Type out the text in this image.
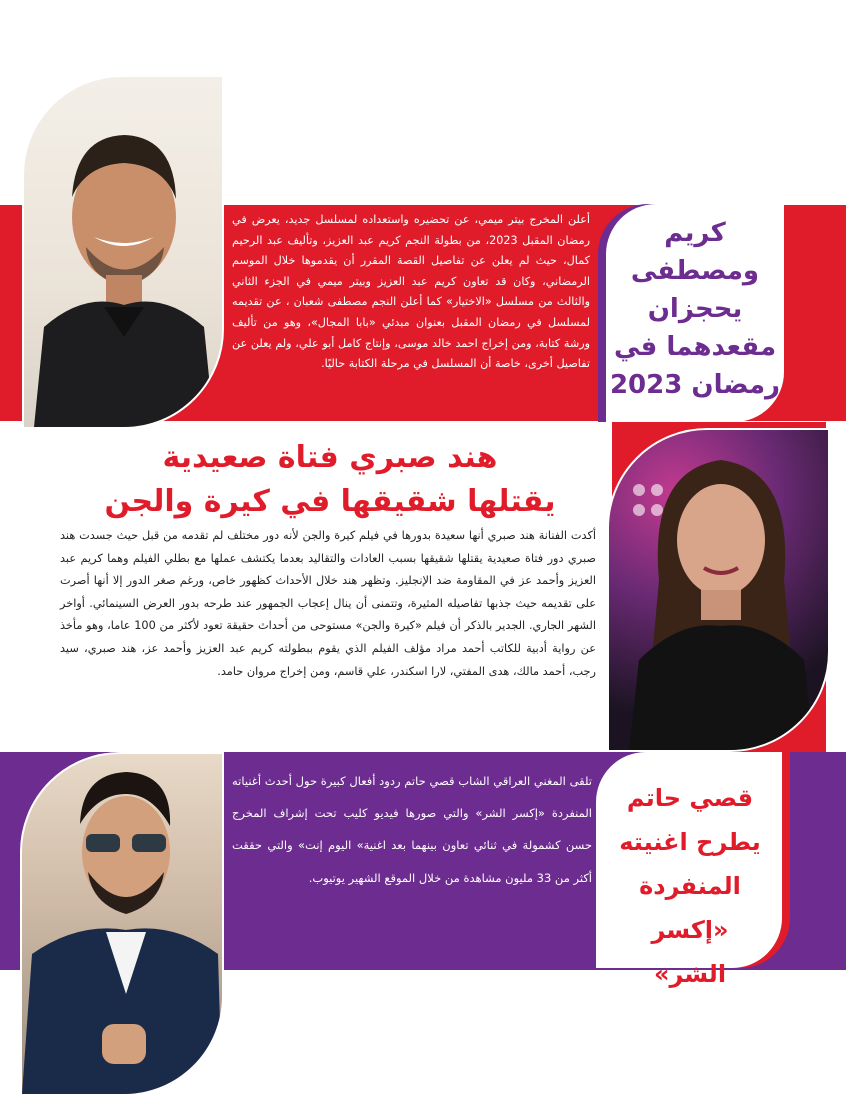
أعلن المخرج بيتر ميمي، عن تحضيره واستعداده لمسلسل جديد، يعرض في رمضان المقبل 2023، من بطولة النجم كريم عبد العزيز، وتأليف عبد الرحيم كمال، حيث لم يعلن عن تفاصيل القصة المقرر أن يقدموها خلال الموسم الرمضاني، وكان قد تعاون كريم عبد العزيز وبيتر ميمي في الجزء الثاني والثالث من مسلسل «الاختيار» كما أعلن النجم مصطفى شعبان ، عن تقديمه لمسلسل في رمضان المقبل بعنوان مبدئي «بابا المجال»، وهو من تأليف ورشة كتابة، ومن إخراج احمد خالد موسى، وإنتاج كامل أبو علي، ولم يعلن عن تفاصيل أخرى، خاصة أن المسلسل في مرحلة الكتابة حاليًا.
كريم
ومصطفى
يحجزان
مقعدهما في
رمضان 2023
هند صبري فتاة صعيدية
يقتلها شقيقها في كيرة والجن
أكدت الفنانة هند صبري أنها سعيدة بدورها في فيلم كيرة والجن لأنه دور مختلف لم تقدمه من قبل حيث جسدت هند صبري دور فتاة صعيدية يقتلها شقيقها بسبب العادات والتقاليد بعدما يكتشف عملها مع بطلي الفيلم وهما كريم عبد العزيز وأحمد عز في المقاومة ضد الإنجليز. وتظهر هند خلال الأحداث كظهور خاص، ورغم صغر الدور إلا أنها أصرت على تقديمه حيث جذبها تفاصيله المثيرة، وتتمنى أن ينال إعجاب الجمهور عند طرحه بدور العرض السينمائي. أواخر الشهر الجاري. الجدير بالذكر أن فيلم «كيرة والجن» مستوحى من أحداث حقيقة تعود لأكثر من 100 عاما، وهو مأخذ عن رواية أدبية للكاتب أحمد مراد مؤلف الفيلم الذي يقوم ببطولته كريم عبد العزيز وأحمد عز، هند صبري، سيد رجب، أحمد مالك، هدى المفتي، لارا اسكندر، علي قاسم، ومن إخراج مروان حامد.
تلقى المغني العراقي الشاب قصي حاتم ردود أفعال كبيرة حول أحدث أغنياته المنفردة «إكسر الشر» والتي صورها فيديو كليب تحت إشراف المخرج حسن كشمولة في ثنائي تعاون بينهما بعد اغنية» اليوم إنت» والتي حققت أكثر من 33 مليون مشاهدة من خلال الموقع الشهير يوتيوب.
قصي حاتم
يطرح اغنيته
المنفردة «إكسر
الشر»
